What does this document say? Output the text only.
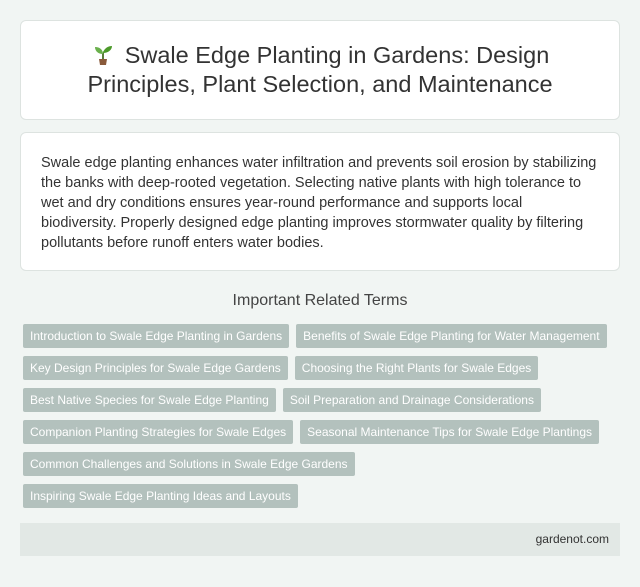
Swale Edge Planting in Gardens: Design Principles, Plant Selection, and Maintenance

Swale edge planting enhances water infiltration and prevents soil erosion by stabilizing the banks with deep-rooted vegetation. Selecting native plants with high tolerance to wet and dry conditions ensures year-round performance and supports local biodiversity. Properly designed edge planting improves stormwater quality by filtering pollutants before runoff enters water bodies.

Important Related Terms
Introduction to Swale Edge Planting in Gardens	Benefits of Swale Edge Planting for Water Management
Key Design Principles for Swale Edge Gardens	Choosing the Right Plants for Swale Edges
Best Native Species for Swale Edge Planting	Soil Preparation and Drainage Considerations
Companion Planting Strategies for Swale Edges	Seasonal Maintenance Tips for Swale Edge Plantings
Common Challenges and Solutions in Swale Edge Gardens
Inspiring Swale Edge Planting Ideas and Layouts
gardenot.com
